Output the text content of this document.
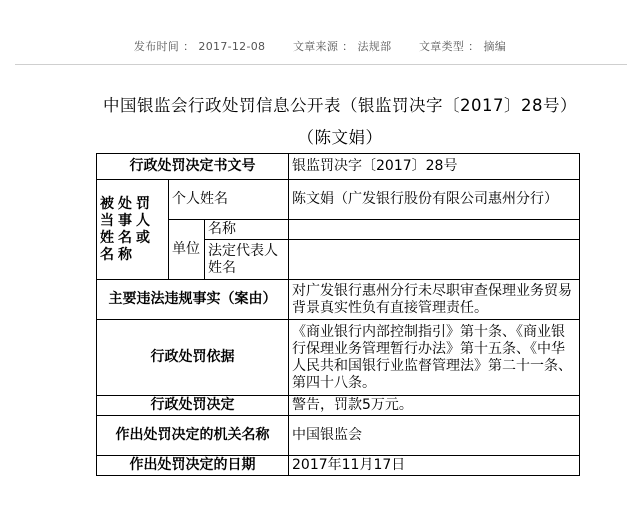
发布时间 ： 2017-12-08	文章来源 ： 法规部	文章类型 ： 摘编
中国银监会行政处罚信息公开表（银监罚决字〔2017〕28号）
（陈文娟）
行政处罚决定书文号			银监罚决字〔2017〕28号
被处罚当事人姓名或名称	个人姓名		陈文娟（广发银行股份有限公司惠州分行）
	单位	名称	
		法定代表人姓名	
主要违法违规事实（案由）			对广发银行惠州分行未尽职审查保理业务贸易背景真实性负有直接管理责任。
行政处罚依据			《商业银行内部控制指引》第十条、《商业银行保理业务管理暂行办法》第十五条、《中华人民共和国银行业监督管理法》第二十一条、第四十八条。
行政处罚决定			警告，罚款5万元。
作出处罚决定的机关名称			中国银监会
作出处罚决定的日期			2017年11月17日
